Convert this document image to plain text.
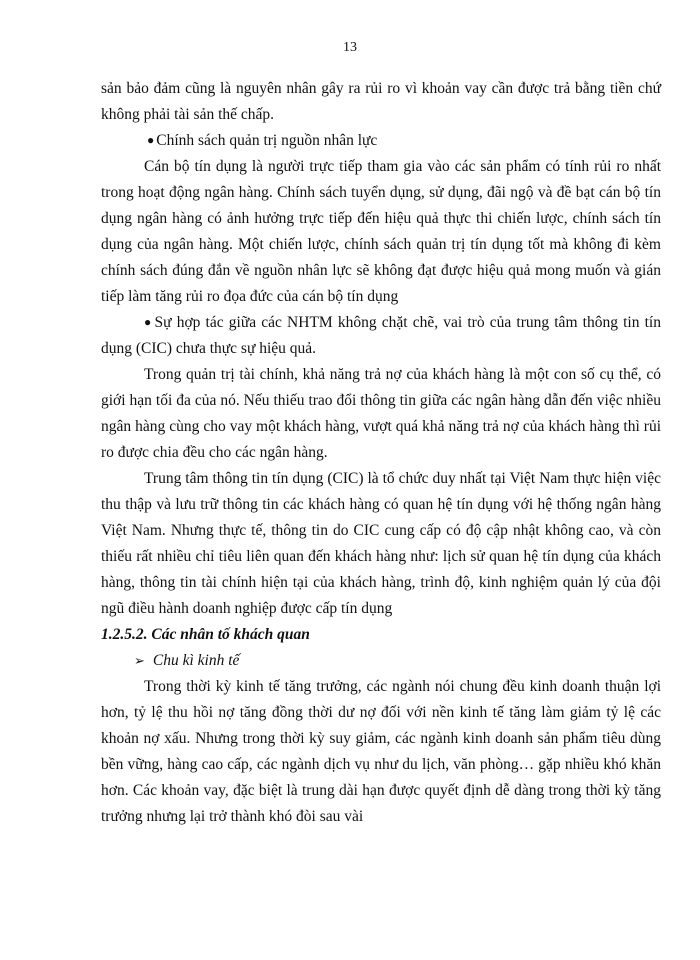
13

sản bảo đảm cũng là nguyên nhân gây ra rủi ro vì khoản vay cần được trả bằng tiền chứ không phải tài sản thế chấp.

● Chính sách quản trị nguồn nhân lực

Cán bộ tín dụng là người trực tiếp tham gia vào các sản phẩm có tính rủi ro nhất trong hoạt động ngân hàng. Chính sách tuyển dụng, sử dụng, đãi ngộ và đề bạt cán bộ tín dụng ngân hàng có ảnh hưởng trực tiếp đến hiệu quả thực thi chiến lược, chính sách tín dụng của ngân hàng. Một chiến lược, chính sách quản trị tín dụng tốt mà không đi kèm chính sách đúng đắn về nguồn nhân lực sẽ không đạt được hiệu quả mong muốn và gián tiếp làm tăng rủi ro đọa đức của cán bộ tín dụng

● Sự hợp tác giữa các NHTM không chặt chẽ, vai trò của trung tâm thông tin tín dụng (CIC) chưa thực sự hiệu quả.

Trong quản trị tài chính, khả năng trả nợ của khách hàng là một con số cụ thể, có giới hạn tối đa của nó. Nếu thiếu trao đổi thông tin giữa các ngân hàng dẫn đến việc nhiều ngân hàng cùng cho vay một khách hàng, vượt quá khả năng trả nợ của khách hàng thì rủi ro được chia đều cho các ngân hàng.

Trung tâm thông tin tín dụng (CIC) là tổ chức duy nhất tại Việt Nam thực hiện việc thu thập và lưu trữ thông tin các khách hàng có quan hệ tín dụng với hệ thống ngân hàng Việt Nam. Nhưng thực tế, thông tin do CIC cung cấp có độ cập nhật không cao, và còn thiếu rất nhiều chỉ tiêu liên quan đến khách hàng như: lịch sử quan hệ tín dụng của khách hàng, thông tin tài chính hiện tại của khách hàng, trình độ, kinh nghiệm quản lý của đội ngũ điều hành doanh nghiệp được cấp tín dụng

1.2.5.2. Các nhân tố khách quan

➢ Chu kì kinh tế

Trong thời kỳ kinh tế tăng trưởng, các ngành nói chung đều kinh doanh thuận lợi hơn, tỷ lệ thu hồi nợ tăng đồng thời dư nợ đối với nền kinh tế tăng làm giảm tỷ lệ các khoản nợ xấu. Nhưng trong thời kỳ suy giảm, các ngành kinh doanh sản phẩm tiêu dùng bền vững, hàng cao cấp, các ngành dịch vụ như du lịch, văn phòng… gặp nhiều khó khăn hơn. Các khoản vay, đặc biệt là trung dài hạn được quyết định dễ dàng trong thời kỳ tăng trưởng nhưng lại trở thành khó đòi sau vài
